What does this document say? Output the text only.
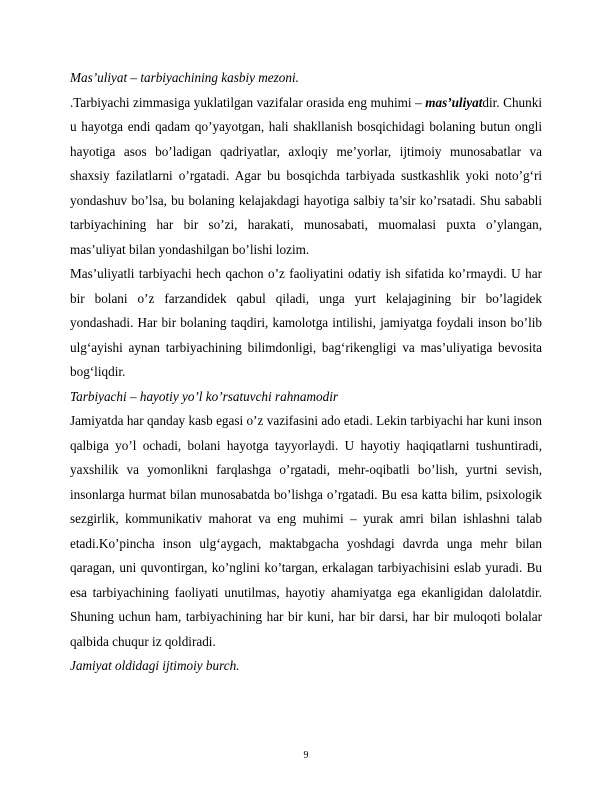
Mas’uliyat – tarbiyachining kasbiy mezoni.

.Tarbiyachi zimmasiga yuklatilgan vazifalar orasida eng muhimi – mas’uliyatdir. Chunki u hayotga endi qadam qo’yayotgan, hali shakllanish bosqichidagi bolaning butun ongli hayotiga asos bo’ladigan qadriyatlar, axloqiy me’yorlar, ijtimoiy munosabatlar va shaxsiy fazilatlarni o’rgatadi. Agar bu bosqichda tarbiyada sustkashlik yoki noto’g‘ri yondashuv bo’lsa, bu bolaning kelajakdagi hayotiga salbiy ta’sir ko’rsatadi. Shu sababli tarbiyachining har bir so’zi, harakati, munosabati, muomalasi puxta o’ylangan, mas’uliyat bilan yondashilgan bo’lishi lozim.

Mas’uliyatli tarbiyachi hech qachon o’z faoliyatini odatiy ish sifatida ko’rmaydi. U har bir bolani o’z farzandidek qabul qiladi, unga yurt kelajagining bir bo’lagidek yondashadi. Har bir bolaning taqdiri, kamolotga intilishi, jamiyatga foydali inson bo’lib ulg‘ayishi aynan tarbiyachining bilimdonligi, bag‘rikengligi va mas’uliyatiga bevosita bog‘liqdir.

Tarbiyachi – hayotiy yo’l ko’rsatuvchi rahnamodir

Jamiyatda har qanday kasb egasi o’z vazifasini ado etadi. Lekin tarbiyachi har kuni inson qalbiga yo’l ochadi, bolani hayotga tayyorlaydi. U hayotiy haqiqatlarni tushuntiradi, yaxshilik va yomonlikni farqlashga o’rgatadi, mehr-oqibatli bo’lish, yurtni sevish, insonlarga hurmat bilan munosabatda bo’lishga o’rgatadi. Bu esa katta bilim, psixologik sezgirlik, kommunikativ mahorat va eng muhimi – yurak amri bilan ishlashni talab etadi.Ko’pincha inson ulg‘aygach, maktabgacha yoshdagi davrda unga mehr bilan qaragan, uni quvontirgan, ko’nglini ko’targan, erkalagan tarbiyachisini eslab yuradi. Bu esa tarbiyachining faoliyati unutilmas, hayotiy ahamiyatga ega ekanligidan dalolatdir. Shuning uchun ham, tarbiyachining har bir kuni, har bir darsi, har bir muloqoti bolalar qalbida chuqur iz qoldiradi.

Jamiyat oldidagi ijtimoiy burch.

9
